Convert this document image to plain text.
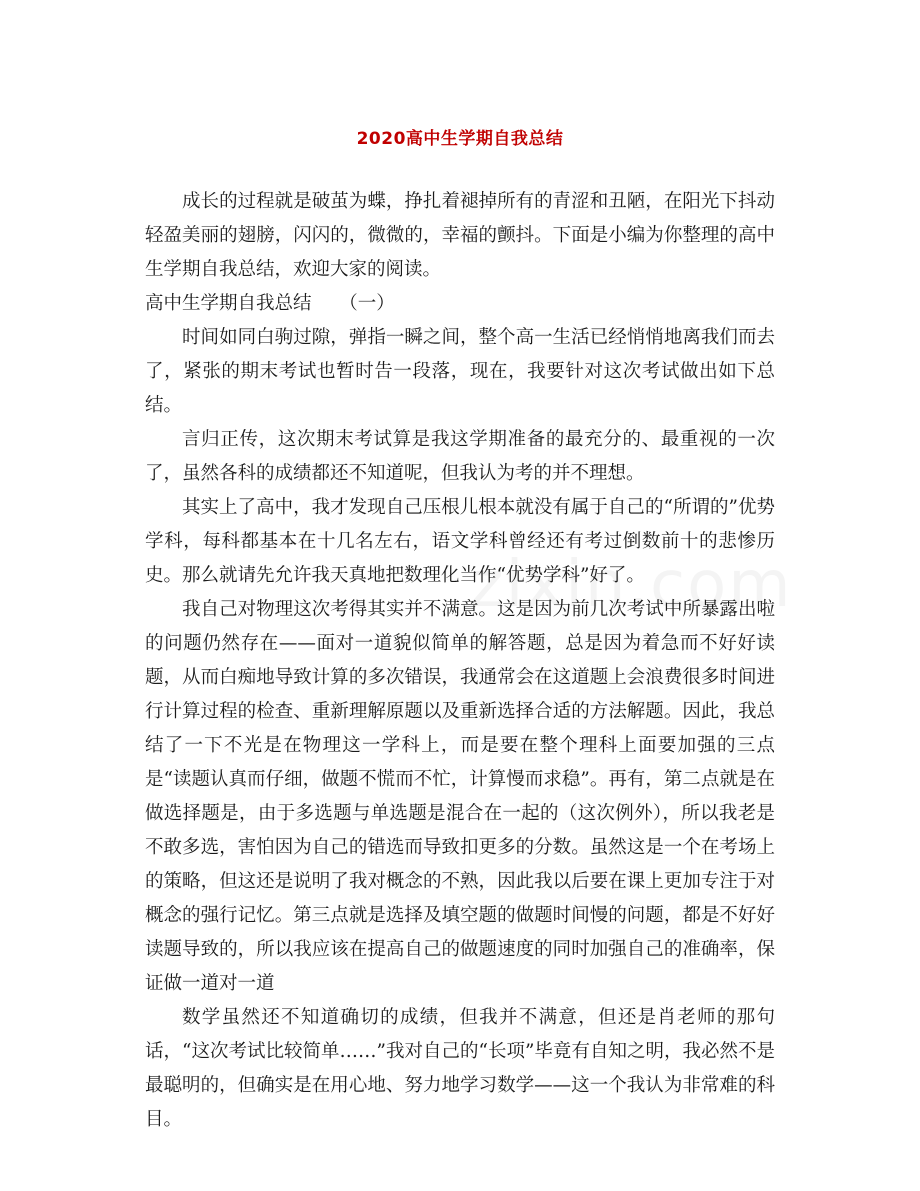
2020高中生学期自我总结

成长的过程就是破茧为蝶，挣扎着褪掉所有的青涩和丑陋，在阳光下抖动轻盈美丽的翅膀，闪闪的，微微的，幸福的颤抖。下面是小编为你整理的高中生学期自我总结，欢迎大家的阅读。

高中生学期自我总结　　（一）

时间如同白驹过隙，弹指一瞬之间，整个高一生活已经悄悄地离我们而去了，紧张的期末考试也暂时告一段落，现在，我要针对这次考试做出如下总结。

言归正传，这次期末考试算是我这学期准备的最充分的、最重视的一次了，虽然各科的成绩都还不知道呢，但我认为考的并不理想。

其实上了高中，我才发现自己压根儿根本就没有属于自己的“所谓的”优势学科，每科都基本在十几名左右，语文学科曾经还有考过倒数前十的悲惨历史。那么就请先允许我天真地把数理化当作“优势学科”好了。

我自己对物理这次考得其实并不满意。这是因为前几次考试中所暴露出啦的问题仍然存在——面对一道貌似简单的解答题，总是因为着急而不好好读题，从而白痴地导致计算的多次错误，我通常会在这道题上会浪费很多时间进行计算过程的检查、重新理解原题以及重新选择合适的方法解题。因此，我总结了一下不光是在物理这一学科上，而是要在整个理科上面要加强的三点是“读题认真而仔细，做题不慌而不忙，计算慢而求稳”。再有，第二点就是在做选择题是，由于多选题与单选题是混合在一起的（这次例外），所以我老是不敢多选，害怕因为自己的错选而导致扣更多的分数。虽然这是一个在考场上的策略，但这还是说明了我对概念的不熟，因此我以后要在课上更加专注于对概念的强行记忆。第三点就是选择及填空题的做题时间慢的问题，都是不好好读题导致的，所以我应该在提高自己的做题速度的同时加强自己的准确率，保证做一道对一道

数学虽然还不知道确切的成绩，但我并不满意，但还是肖老师的那句话，“这次考试比较简单……”我对自己的“长项”毕竟有自知之明，我必然不是最聪明的，但确实是在用心地、努力地学习数学——这一个我认为非常难的科目。
